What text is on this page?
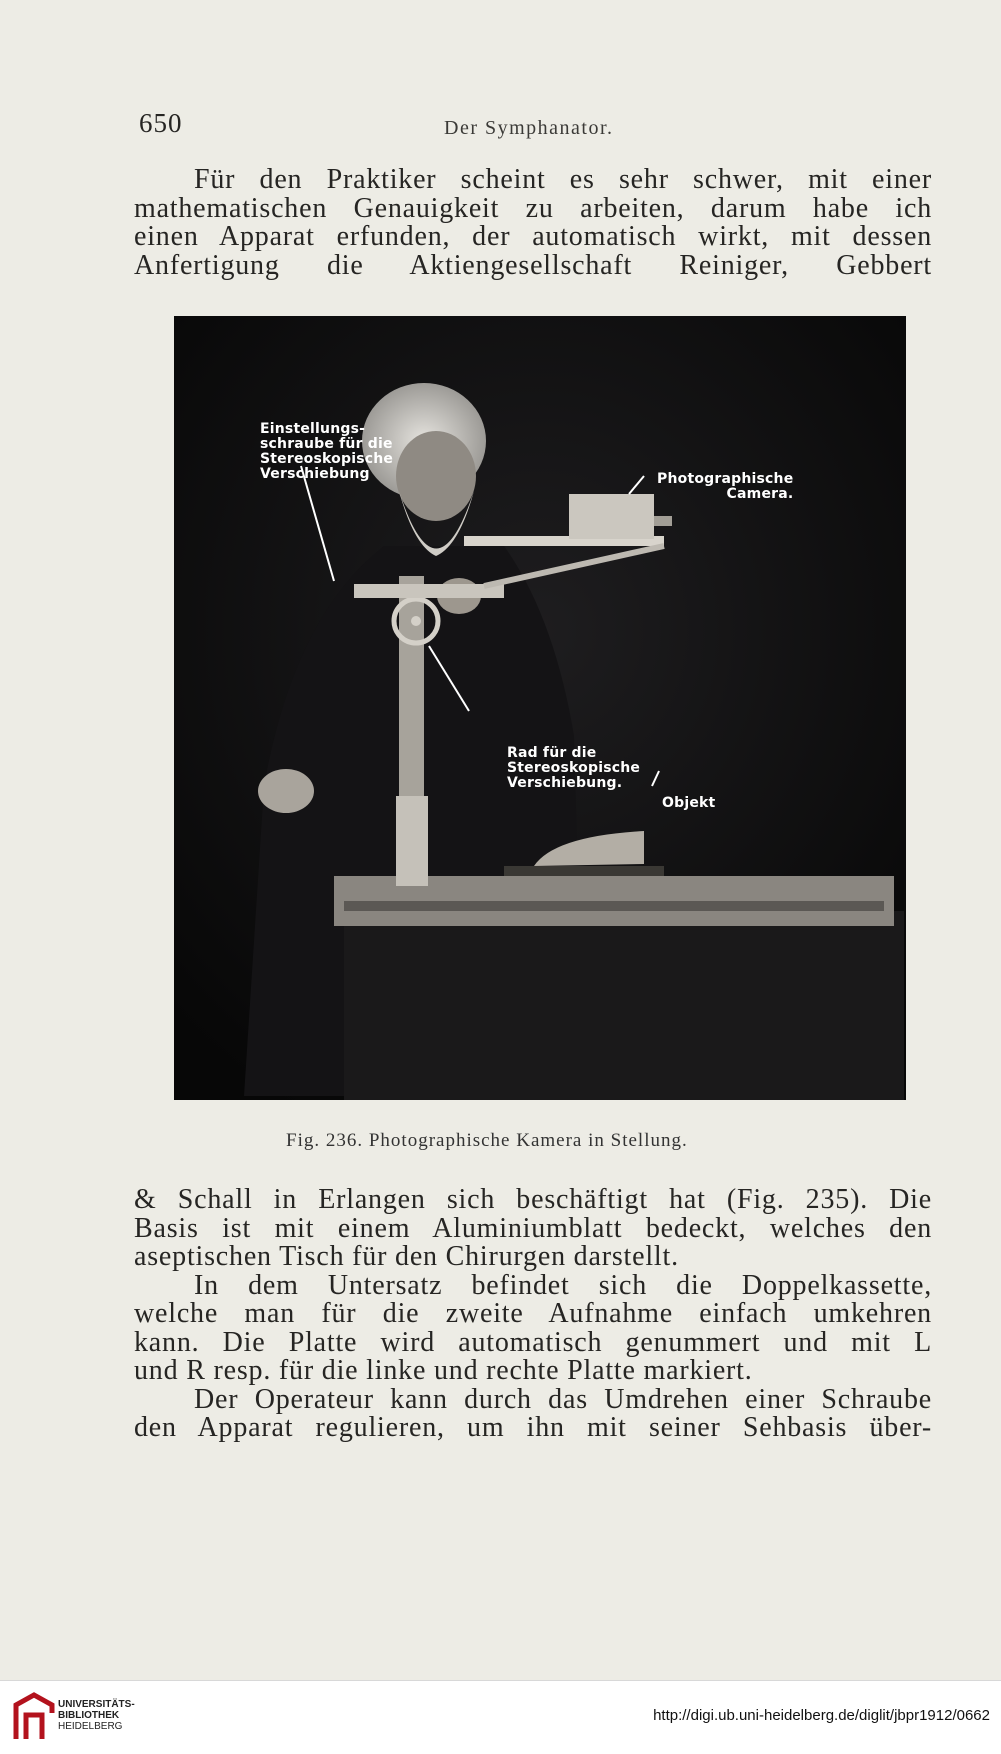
650	Der Symphanator.
Für den Praktiker scheint es sehr schwer, mit einer
mathematischen Genauigkeit zu arbeiten, darum habe ich
einen Apparat erfunden, der automatisch wirkt, mit dessen
Anfertigung die Aktiengesellschaft Reiniger, Gebbert
Einstellungs-
schraube für die
Stereoskopische
Verschiebung	Photographische
Camera.
Rad für die
Stereoskopische
Verschiebung.
Objekt
Fig. 236. Photographische Kamera in Stellung.
& Schall in Erlangen sich beschäftigt hat (Fig. 235). Die
Basis ist mit einem Aluminiumblatt bedeckt, welches den
aseptischen Tisch für den Chirurgen darstellt.
In dem Untersatz befindet sich die Doppelkassette,
welche man für die zweite Aufnahme einfach umkehren
kann. Die Platte wird automatisch genummert und mit L
und R resp. für die linke und rechte Platte markiert.
Der Operateur kann durch das Umdrehen einer Schraube
den Apparat regulieren, um ihn mit seiner Sehbasis über-
UNIVERSITÄTS-
BIBLIOTHEK
HEIDELBERG
http://digi.ub.uni-heidelberg.de/diglit/jbpr1912/0662
